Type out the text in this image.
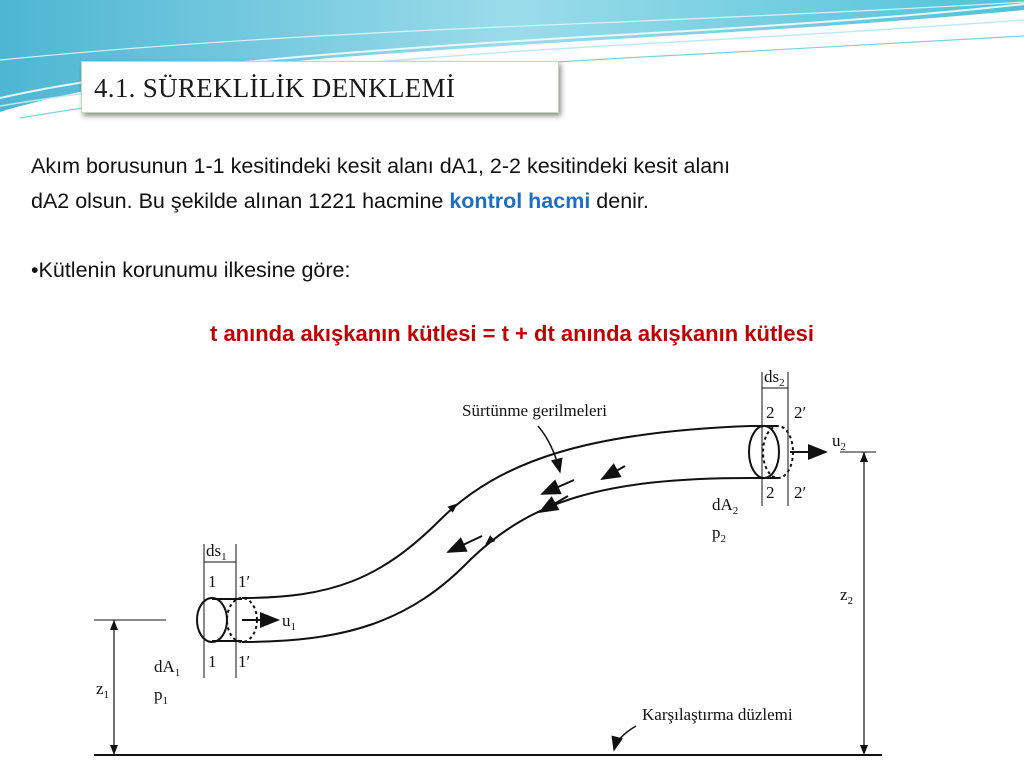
4.1. SÜREKLİLİK DENKLEMİ
Akım borusunun 1-1 kesitindeki kesit alanı dA1, 2-2 kesitindeki kesit alanı
dA2 olsun. Bu şekilde alınan 1221 hacmine kontrol hacmi denir.
•Kütlenin korunumu ilkesine göre:
t anında akışkanın kütlesi = t + dt anında akışkanın kütlesi
Sürtünme gerilmeleri
$ds_1$
1 1′
1 1′
$u_1$
$dA_1$
$p_1$
$ds_2$
2 2′
2 2′
$u_2$
$dA_2$
$p_2$
$z_1$
$z_2$
Karşılaştırma düzlemi
